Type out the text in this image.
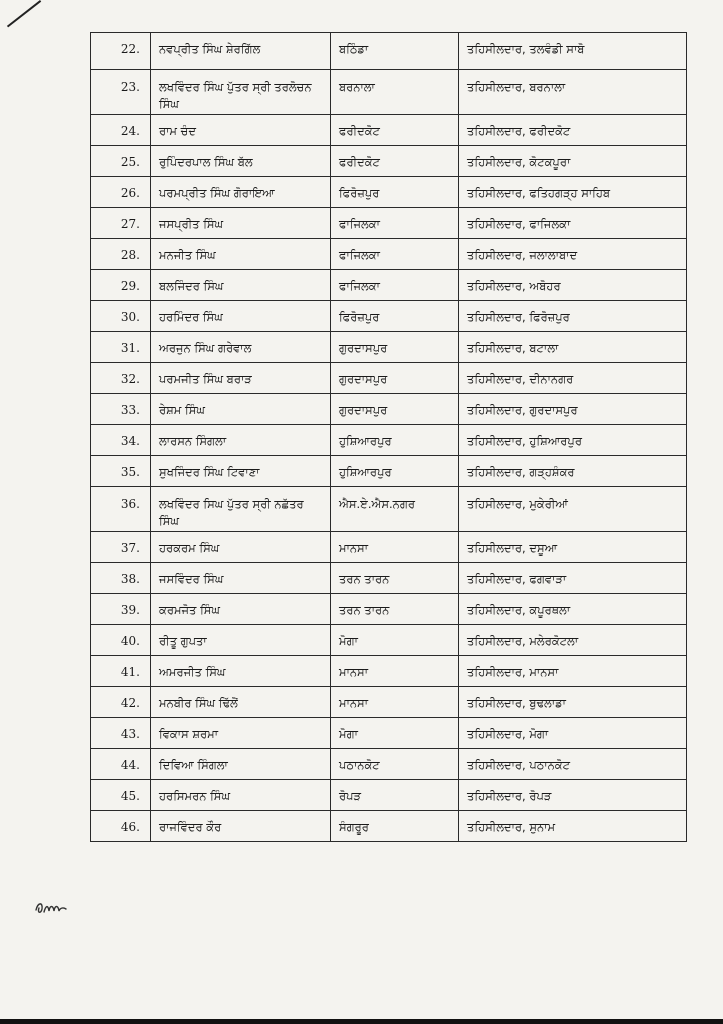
22.	ਨਵਪ੍ਰੀਤ ਸਿੰਘ ਸ਼ੇਰਗਿੱਲ	ਬਠਿੰਡਾ	ਤਹਿਸੀਲਦਾਰ, ਤਲਵੰਡੀ ਸਾਬੋ
23.	ਲਖਵਿੰਦਰ ਸਿੰਘ ਪੁੱਤਰ ਸ੍ਰੀ ਤਰਲੋਚਨ ਸਿੰਘ	ਬਰਨਾਲਾ	ਤਹਿਸੀਲਦਾਰ, ਬਰਨਾਲਾ
24.	ਰਾਮ ਚੰਦ	ਫਰੀਦਕੋਟ	ਤਹਿਸੀਲਦਾਰ, ਫਰੀਦਕੋਟ
25.	ਰੁਪਿੰਦਰਪਾਲ ਸਿੰਘ ਬੱਲ	ਫਰੀਦਕੋਟ	ਤਹਿਸੀਲਦਾਰ, ਕੋਟਕਪੂਰਾ
26.	ਪਰਮਪ੍ਰੀਤ ਸਿੰਘ ਗੋਰਾਇਆ	ਫਿਰੋਜ਼ਪੁਰ	ਤਹਿਸੀਲਦਾਰ, ਫਤਿਹਗੜ੍ਹ ਸਾਹਿਬ
27.	ਜਸਪ੍ਰੀਤ ਸਿੰਘ	ਫਾਜਿਲਕਾ	ਤਹਿਸੀਲਦਾਰ, ਫਾਜਿਲਕਾ
28.	ਮਨਜੀਤ ਸਿੰਘ	ਫਾਜਿਲਕਾ	ਤਹਿਸੀਲਦਾਰ, ਜਲਾਲਾਬਾਦ
29.	ਬਲਜਿੰਦਰ ਸਿੰਘ	ਫਾਜਿਲਕਾ	ਤਹਿਸੀਲਦਾਰ, ਅਬੋਹਰ
30.	ਹਰਮਿੰਦਰ ਸਿੰਘ	ਫਿਰੋਜ਼ਪੁਰ	ਤਹਿਸੀਲਦਾਰ, ਫਿਰੋਜ਼ਪੁਰ
31.	ਅਰਜੁਨ ਸਿੰਘ ਗਰੇਵਾਲ	ਗੁਰਦਾਸਪੁਰ	ਤਹਿਸੀਲਦਾਰ, ਬਟਾਲਾ
32.	ਪਰਮਜੀਤ ਸਿੰਘ ਬਰਾੜ	ਗੁਰਦਾਸਪੁਰ	ਤਹਿਸੀਲਦਾਰ, ਦੀਨਾਨਗਰ
33.	ਰੇਸ਼ਮ ਸਿੰਘ	ਗੁਰਦਾਸਪੁਰ	ਤਹਿਸੀਲਦਾਰ, ਗੁਰਦਾਸਪੁਰ
34.	ਲਾਰਸਨ ਸਿੰਗਲਾ	ਹੁਸ਼ਿਆਰਪੁਰ	ਤਹਿਸੀਲਦਾਰ, ਹੁਸ਼ਿਆਰਪੁਰ
35.	ਸੁਖਜਿੰਦਰ ਸਿੰਘ ਟਿਵਾਣਾ	ਹੁਸ਼ਿਆਰਪੁਰ	ਤਹਿਸੀਲਦਾਰ, ਗੜ੍ਹਸ਼ੰਕਰ
36.	ਲਖਵਿੰਦਰ ਸਿਘ ਪੁੱਤਰ ਸ੍ਰੀ ਨਛੱਤਰ ਸਿੰਘ	ਐਸ.ਏ.ਐਸ.ਨਗਰ	ਤਹਿਸੀਲਦਾਰ, ਮੁਕੇਰੀਆਂ
37.	ਹਰਕਰਮ ਸਿੰਘ	ਮਾਨਸਾ	ਤਹਿਸੀਲਦਾਰ, ਦਸੂਆ
38.	ਜਸਵਿੰਦਰ ਸਿੰਘ	ਤਰਨ ਤਾਰਨ	ਤਹਿਸੀਲਦਾਰ, ਫਗਵਾੜਾ
39.	ਕਰਮਜੋਤ ਸਿੰਘ	ਤਰਨ ਤਾਰਨ	ਤਹਿਸੀਲਦਾਰ, ਕਪੂਰਥਲਾ
40.	ਰੀਤੂ ਗੁਪਤਾ	ਮੋਗਾ	ਤਹਿਸੀਲਦਾਰ, ਮਲੇਰਕੋਟਲਾ
41.	ਅਮਰਜੀਤ ਸਿੰਘ	ਮਾਨਸਾ	ਤਹਿਸੀਲਦਾਰ, ਮਾਨਸਾ
42.	ਮਨਬੀਰ ਸਿੰਘ ਢਿੱਲੋਂ	ਮਾਨਸਾ	ਤਹਿਸੀਲਦਾਰ, ਬੁਢਲਾਡਾ
43.	ਵਿਕਾਸ ਸ਼ਰਮਾ	ਮੋਗਾ	ਤਹਿਸੀਲਦਾਰ, ਮੋਗਾ
44.	ਦਿਵਿਆ ਸਿੰਗਲਾ	ਪਠਾਨਕੋਟ	ਤਹਿਸੀਲਦਾਰ, ਪਠਾਨਕੋਟ
45.	ਹਰਸਿਮਰਨ ਸਿੰਘ	ਰੋਪੜ	ਤਹਿਸੀਲਦਾਰ, ਰੋਪੜ
46.	ਰਾਜਵਿੰਦਰ ਕੌਰ	ਸੰਗਰੂਰ	ਤਹਿਸੀਲਦਾਰ, ਸੁਨਾਮ
